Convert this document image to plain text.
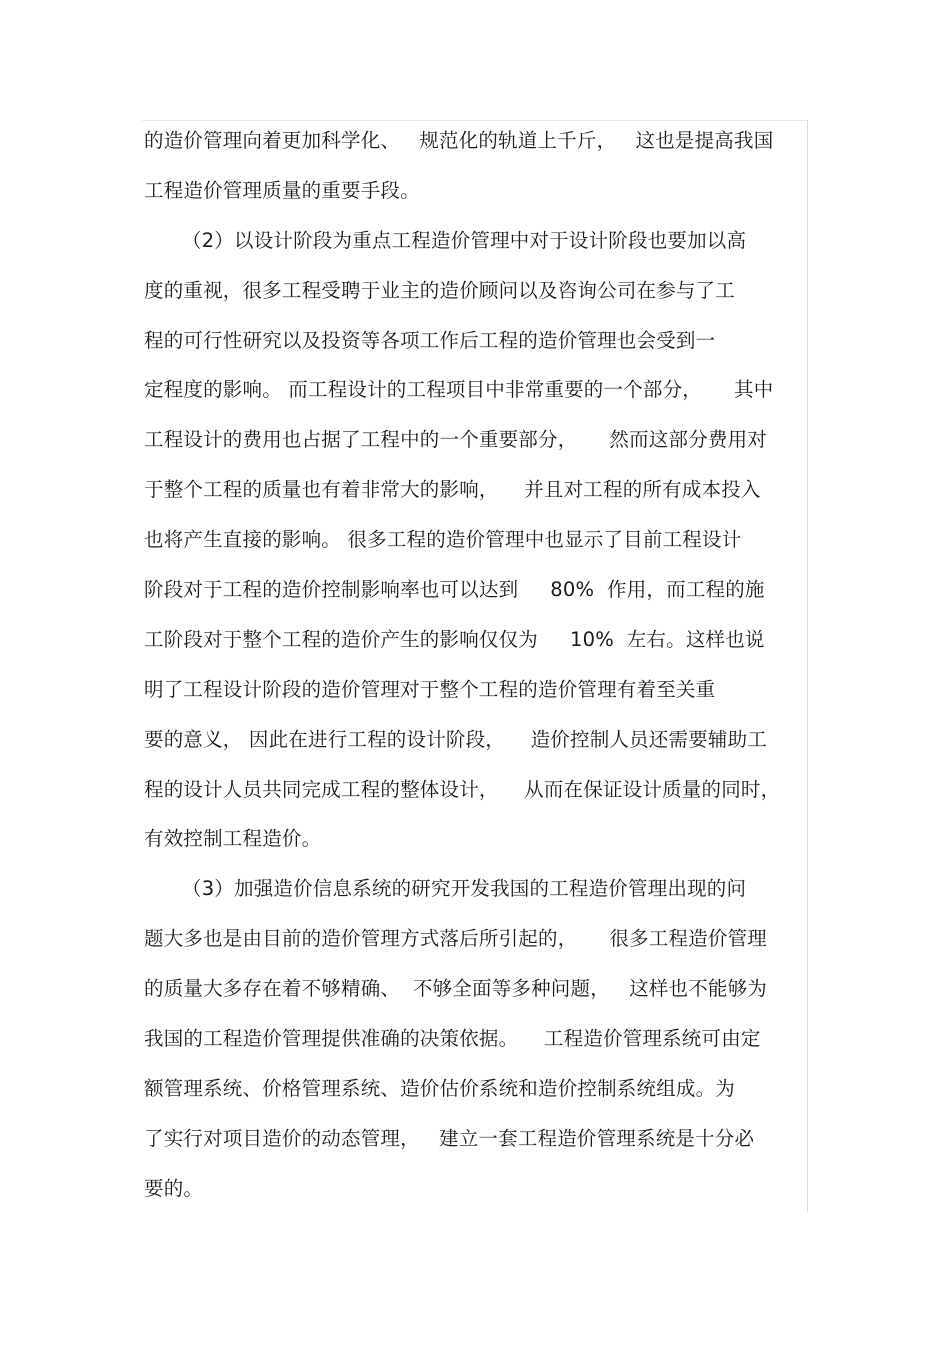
的造价管理向着更加科学化、   规范化的轨道上千斤，   这也是提高我国
工程造价管理质量的重要手段。
（2）以设计阶段为重点工程造价管理中对于设计阶段也要加以高
度的重视，很多工程受聘于业主的造价顾问以及咨询公司在参与了工
程的可行性研究以及投资等各项工作后工程的造价管理也会受到一
定程度的影响。 而工程设计的工程项目中非常重要的一个部分，     其中
工程设计的费用也占据了工程中的一个重要部分，     然而这部分费用对
于整个工程的质量也有着非常大的影响，    并且对工程的所有成本投入
也将产生直接的影响。 很多工程的造价管理中也显示了目前工程设计
阶段对于工程的造价控制影响率也可以达到     80%  作用，而工程的施
工阶段对于整个工程的造价产生的影响仅仅为     10%  左右。这样也说
明了工程设计阶段的造价管理对于整个工程的造价管理有着至关重
要的意义， 因此在进行工程的设计阶段，    造价控制人员还需要辅助工
程的设计人员共同完成工程的整体设计，    从而在保证设计质量的同时，
有效控制工程造价。
（3）加强造价信息系统的研究开发我国的工程造价管理出现的问
题大多也是由目前的造价管理方式落后所引起的，     很多工程造价管理
的质量大多存在着不够精确、  不够全面等多种问题，   这样也不能够为
我国的工程造价管理提供准确的决策依据。    工程造价管理系统可由定
额管理系统、价格管理系统、造价估价系统和造价控制系统组成。为
了实行对项目造价的动态管理，   建立一套工程造价管理系统是十分必
要的。
